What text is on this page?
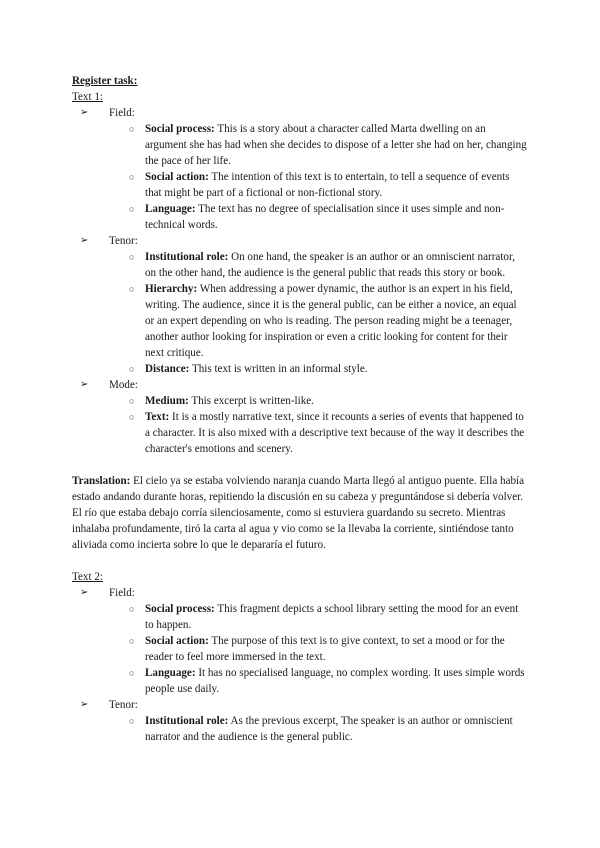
Register task:
Text 1:
➢ Field:
○ Social process: This is a story about a character called Marta dwelling on an argument she has had when she decides to dispose of a letter she had on her, changing the pace of her life.
○ Social action: The intention of this text is to entertain, to tell a sequence of events that might be part of a fictional or non-fictional story.
○ Language: The text has no degree of specialisation since it uses simple and non-technical words.
➢ Tenor:
○ Institutional role: On one hand, the speaker is an author or an omniscient narrator, on the other hand, the audience is the general public that reads this story or book.
○ Hierarchy: When addressing a power dynamic, the author is an expert in his field, writing. The audience, since it is the general public, can be either a novice, an equal or an expert depending on who is reading. The person reading might be a teenager, another author looking for inspiration or even a critic looking for content for their next critique.
○ Distance: This text is written in an informal style.
➢ Mode:
○ Medium: This excerpt is written-like.
○ Text: It is a mostly narrative text, since it recounts a series of events that happened to a character. It is also mixed with a descriptive text because of the way it describes the character's emotions and scenery.
Translation: El cielo ya se estaba volviendo naranja cuando Marta llegó al antiguo puente. Ella había estado andando durante horas, repitiendo la discusión en su cabeza y preguntándose si debería volver. El río que estaba debajo corría silenciosamente, como si estuviera guardando su secreto. Mientras inhalaba profundamente, tiró la carta al agua y vio como se la llevaba la corriente, sintiéndose tanto aliviada como incierta sobre lo que le depararía el futuro.
Text 2:
➢ Field:
○ Social process: This fragment depicts a school library setting the mood for an event to happen.
○ Social action: The purpose of this text is to give context, to set a mood or for the reader to feel more immersed in the text.
○ Language: It has no specialised language, no complex wording. It uses simple words people use daily.
➢ Tenor:
○ Institutional role: As the previous excerpt, The speaker is an author or omniscient narrator and the audience is the general public.
